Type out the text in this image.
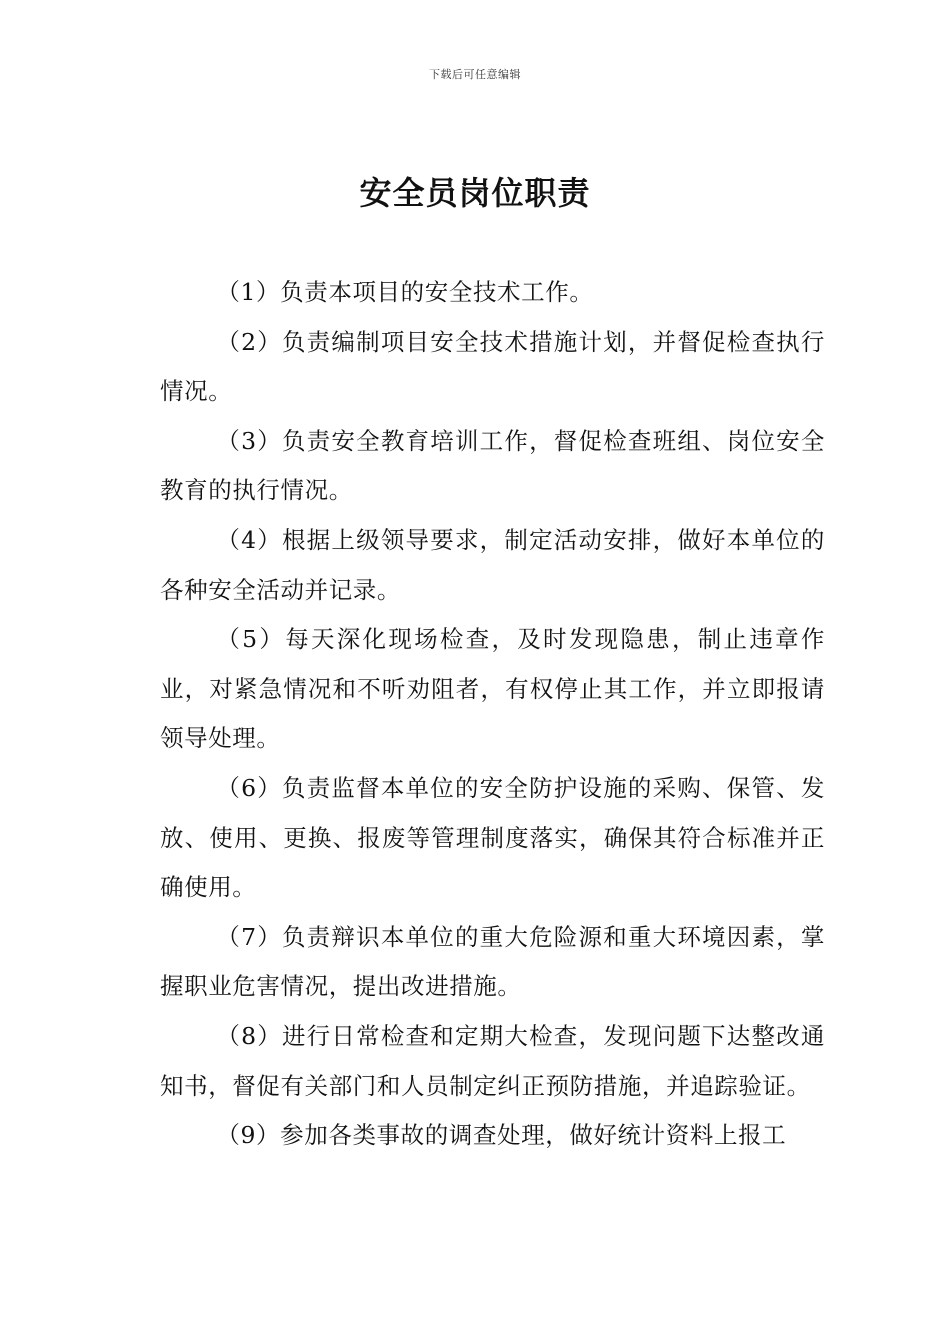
下载后可任意编辑
安全员岗位职责

（1）负责本项目的安全技术工作。

（2）负责编制项目安全技术措施计划，并督促检查执行情况。

（3）负责安全教育培训工作，督促检查班组、岗位安全教育的执行情况。

（4）根据上级领导要求，制定活动安排，做好本单位的各种安全活动并记录。

（5）每天深化现场检查，及时发现隐患，制止违章作业，对紧急情况和不听劝阻者，有权停止其工作，并立即报请领导处理。

（6）负责监督本单位的安全防护设施的采购、保管、发放、使用、更换、报废等管理制度落实，确保其符合标准并正确使用。

（7）负责辩识本单位的重大危险源和重大环境因素，掌握职业危害情况，提出改进措施。

（8）进行日常检查和定期大检查，发现问题下达整改通知书，督促有关部门和人员制定纠正预防措施，并追踪验证。

（9）参加各类事故的调查处理，做好统计资料上报工
